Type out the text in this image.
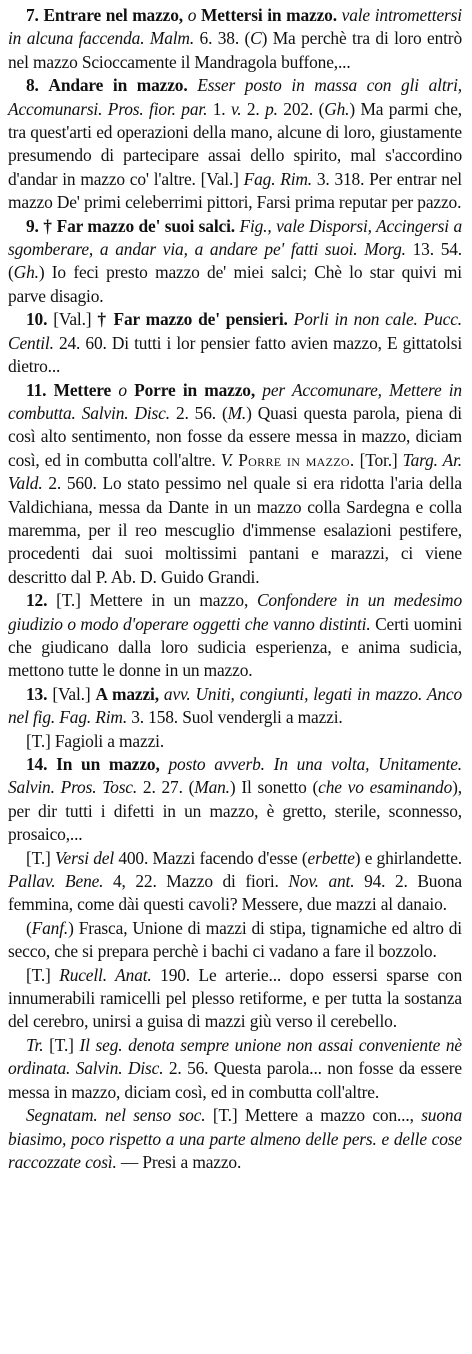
7. Entrare nel mazzo, o Mettersi in mazzo. vale intromettersi in alcuna faccenda. Malm. 6. 38. (C) Ma perchè tra di loro entrò nel mazzo Scioccamente il Mandragola buffone,...
8. Andare in mazzo. Esser posto in massa con gli altri, Accomunarsi. Pros. fior. par. 1. v. 2. p. 202. (Gh.) Ma parmi che, tra quest'arti ed operazioni della mano, alcune di loro, giustamente presumendo di partecipare assai dello spirito, mal s'accordino d'andar in mazzo co' l'altre. [Val.] Fag. Rim. 3. 318. Per entrar nel mazzo De' primi celeberrimi pittori, Farsi prima reputar per pazzo.
9. † Far mazzo de' suoi salci. Fig., vale Disporsi, Accingersi a sgomberare, a andar via, a andare pe' fatti suoi. Morg. 13. 54. (Gh.) Io feci presto mazzo de' miei salci; Chè lo star quivi mi parve disagio.
10. [Val.] † Far mazzo de' pensieri. Porli in non cale. Pucc. Centil. 24. 60. Di tutti i lor pensier fatto avien mazzo, E gittatolsi dietro...
11. Mettere o Porre in mazzo, per Accomunare, Mettere in combutta. Salvin. Disc. 2. 56. (M.) Quasi questa parola, piena di così alto sentimento, non fosse da essere messa in mazzo, diciam così, ed in combutta coll'altre. V. Porre in mazzo. [Tor.] Targ. Ar. Vald. 2. 560. Lo stato pessimo nel quale si era ridotta l'aria della Valdichiana, messa da Dante in un mazzo colla Sardegna e colla maremma, per il reo mescuglio d'immense esalazioni pestifere, procedenti dai suoi moltissimi pantani e marazzi, ci viene descritto dal P. Ab. D. Guido Grandi.
12. [T.] Mettere in un mazzo, Confondere in un medesimo giudizio o modo d'operare oggetti che vanno distinti. Certi uomini che giudicano dalla loro sudicia esperienza, e anima sudicia, mettono tutte le donne in un mazzo.
13. [Val.] A mazzi, avv. Uniti, congiunti, legati in mazzo. Anco nel fig. Fag. Rim. 3. 158. Suol vendergli a mazzi.
[T.] Fagioli a mazzi.
14. In un mazzo, posto avverb. In una volta, Unitamente. Salvin. Pros. Tosc. 2. 27. (Man.) Il sonetto (che vo esaminando), per dir tutti i difetti in un mazzo, è gretto, sterile, sconnesso, prosaico,...
[T.] Versi del 400. Mazzi facendo d'esse (erbette) e ghirlandette. Pallav. Bene. 4, 22. Mazzo di fiori. Nov. ant. 94. 2. Buona femmina, come dài questi cavoli? Messere, due mazzi al danaio.
(Fanf.) Frasca, Unione di mazzi di stipa, tignamiche ed altro di secco, che si prepara perchè i bachi ci vadano a fare il bozzolo.
[T.] Rucell. Anat. 190. Le arterie... dopo essersi sparse con innumerabili ramicelli pel plesso retiforme, e per tutta la sostanza del cerebro, unirsi a guisa di mazzi giù verso il cerebello.
Tr. [T.] Il seg. denota sempre unione non assai conveniente nè ordinata. Salvin. Disc. 2. 56. Questa parola... non fosse da essere messa in mazzo, diciam così, ed in combutta coll'altre.
Segnatam. nel senso soc. [T.] Mettere a mazzo con..., suona biasimo, poco rispetto a una parte almeno delle pers. e delle cose raccozzate così. — Presi a mazzo.
